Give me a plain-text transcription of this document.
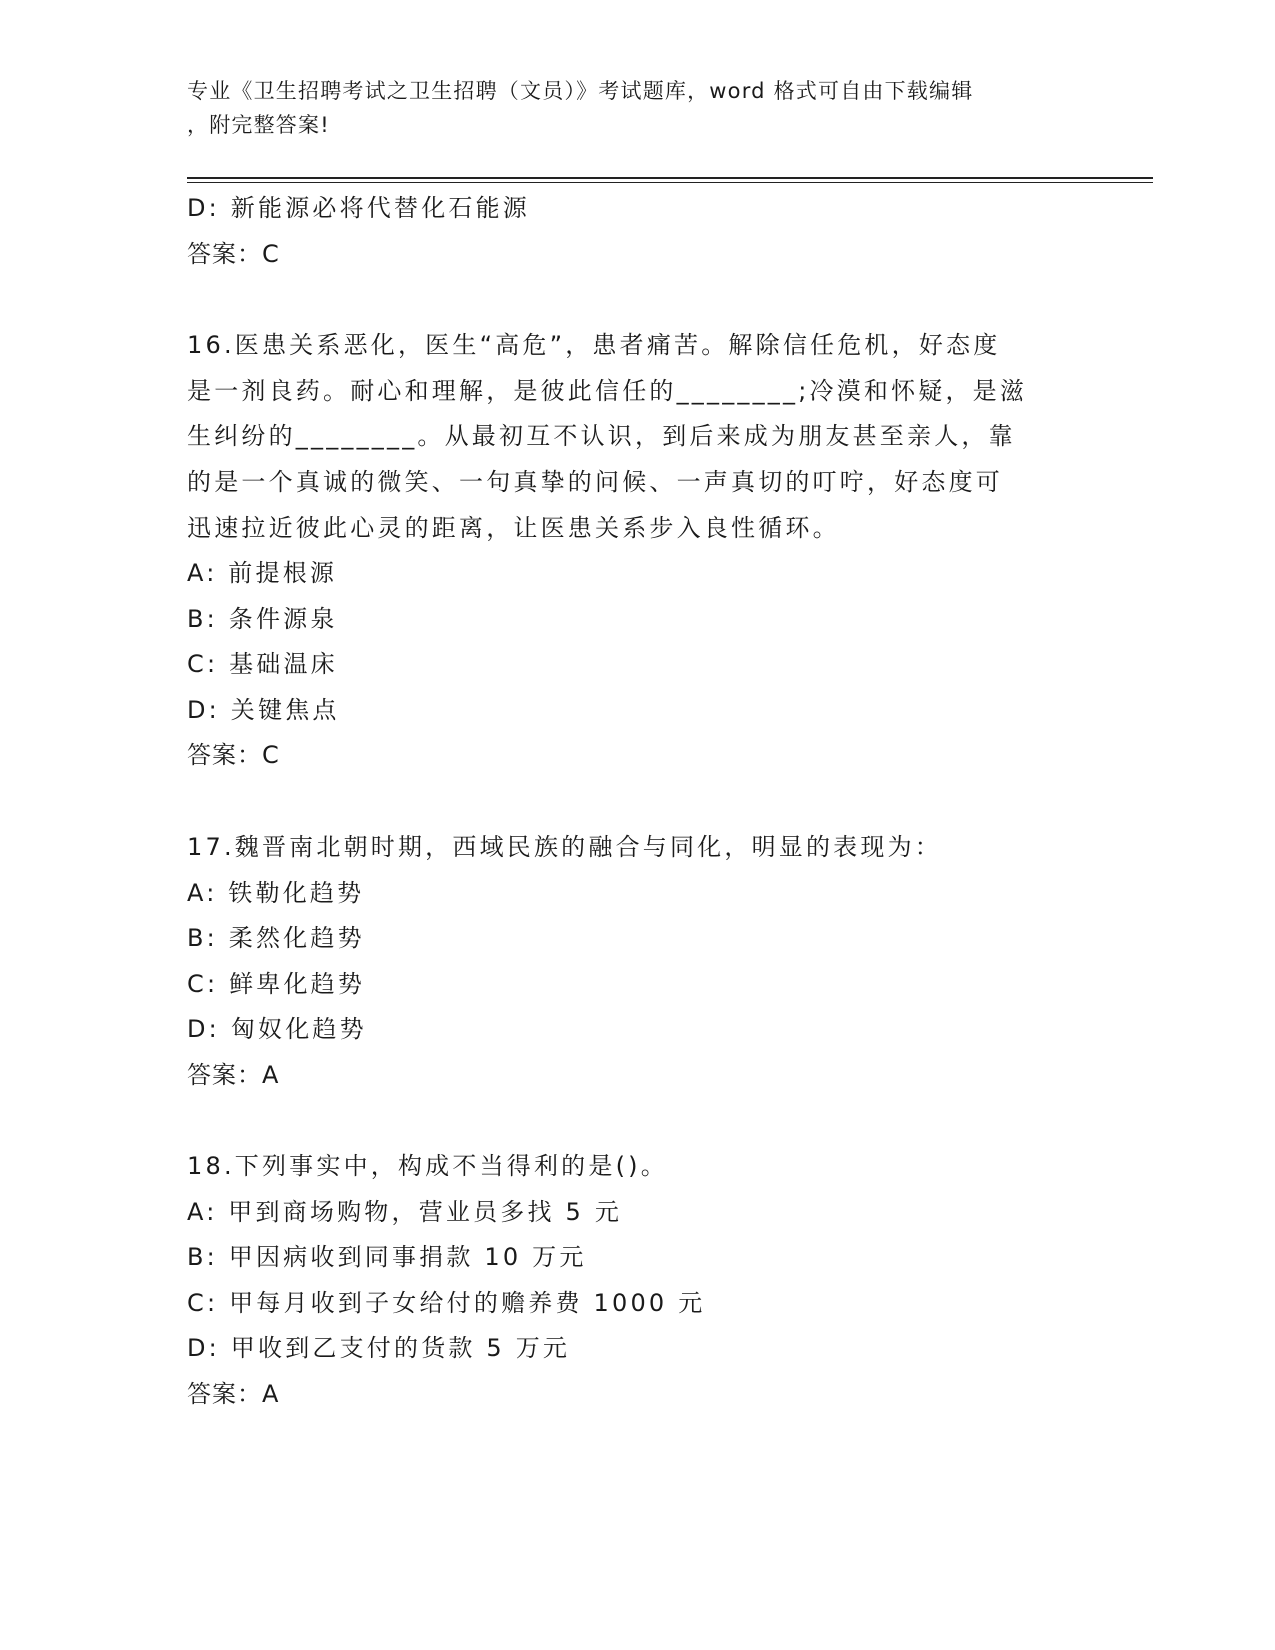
专业《卫生招聘考试之卫生招聘（文员）》考试题库，word 格式可自由下载编辑
，附完整答案!
D: 新能源必将代替化石能源
答案：C
16.医患关系恶化，医生“高危”，患者痛苦。解除信任危机，好态度
是一剂良药。耐心和理解，是彼此信任的________;冷漠和怀疑，是滋
生纠纷的________。从最初互不认识，到后来成为朋友甚至亲人，靠
的是一个真诚的微笑、一句真挚的问候、一声真切的叮咛，好态度可
迅速拉近彼此心灵的距离，让医患关系步入良性循环。
A: 前提根源
B: 条件源泉
C: 基础温床
D: 关键焦点
答案：C
17.魏晋南北朝时期，西域民族的融合与同化，明显的表现为：
A: 铁勒化趋势
B: 柔然化趋势
C: 鲜卑化趋势
D: 匈奴化趋势
答案：A
18.下列事实中，构成不当得利的是()。
A: 甲到商场购物，营业员多找 5 元
B: 甲因病收到同事捐款 10 万元
C: 甲每月收到子女给付的赡养费 1000 元
D: 甲收到乙支付的货款 5 万元
答案：A
